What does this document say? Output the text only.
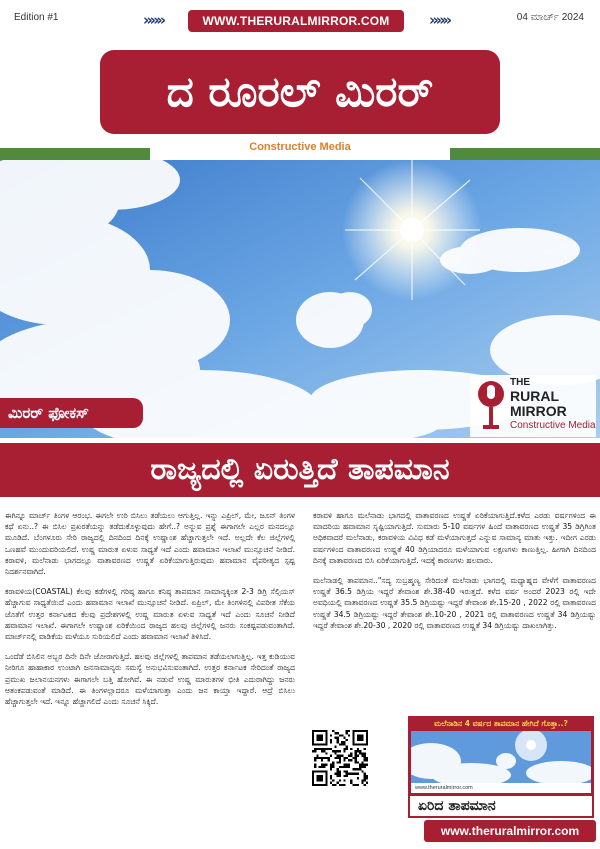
Edition #1	»»»	WWW.THERURALMIRROR.COM	»»»	04 ಮಾರ್ಚ್ 2024
ದ ರೂರಲ್ ಮಿರರ್
Constructive Media
ಮಿರರ್ ಫೋಕಸ್
THE
RURAL
MIRROR
Constructive Media
ರಾಜ್ಯದಲ್ಲಿ ಏರುತ್ತಿದೆ ತಾಪಮಾನ

ಈಗಿನ್ನೂ ಮಾರ್ಚ್ ತಿಂಗಳ ಆರಂಭ. ಈಗಲೇ ಉರಿ ಬಿಸಿಲು ತಡೆಯಲು ಆಗುತ್ತಿಲ್ಲ. ಇನ್ನು ಎಪ್ರಿಲ್, ಮೇ, ಜೂನ್ ತಿಂಗಳ ಕಥೆ ಏನು..? ಈ ಬಿಸಿಲ ಪ್ರಖರತೆಯನ್ನು ತಡೆದುಕೊಳ್ಳುವುದು ಹೇಗೆ..? ಅನ್ನುವ ಪ್ರಶ್ನೆ ಈಗಾಗಲೇ ಎಲ್ಲರ ಮನದಲ್ಲೂ ಮೂಡಿದೆ. ಬೆಂಗಳೂರು ಸೇರಿ ರಾಜ್ಯದಲ್ಲಿ ದಿನದಿಂದ ದಿನಕ್ಕೆ ಉಷ್ಣಾಂಶ ಹೆಚ್ಚಾಗುತ್ತಲೇ ಇದೆ. ಅಲ್ಲದೇ ಕೆಲ ಜಿಲ್ಲೆಗಳಲ್ಲಿ ಒಣಹವೆ ಮುಂದುವರಿಯಲಿದೆ. ಉಷ್ಣ ಮಾರುತ ಏಳುವ ಸಾಧ್ಯತೆ ಇದೆ ಎಂದು ಹವಾಮಾನ ಇಲಾಖೆ ಮುನ್ಸೂಚನೆ ನೀಡಿದೆ. ಕರಾವಳಿ, ಮಲೆನಾಡು ಭಾಗದಲ್ಲೂ ವಾತಾವರಣದ ಉಷ್ಣತೆ ಏರಿಕೆಯಾಗುತ್ತಿರುವುದು ಹವಾಮಾನ ವೈಪರೀತ್ಯದ ಸ್ಪಷ್ಟ ನಿದರ್ಶನವಾಗಿದೆ.

ಕರಾವಳಿಯ(COASTAL) ಕೆಲವು ಕಡೆಗಳಲ್ಲಿ ಗರಿಷ್ಠ ಹಾಗೂ ಕನಿಷ್ಠ ತಾಪಮಾನ ಸಾಮಾನ್ಯಕ್ಕಿಂತ 2-3 ಡಿಗ್ರಿ ಸೆಲ್ಸಿಯಸ್ ಹೆಚ್ಚಾಗುವ ಸಾಧ್ಯತೆಯಿದೆ ಎಂದು ಹವಾಮಾನ ಇಲಾಖೆ ಮುನ್ಸೂಚನೆ ನೀಡಿದೆ. ಏಪ್ರಿಲ್, ಮೇ ತಿಂಗಳಿನಲ್ಲಿ ವಿಪರೀತ ಸೆಕೆಯ ಜೊತೆಗೆ ಉತ್ತರ ಕರ್ನಾಟಕದ ಕೆಲವು ಪ್ರದೇಶಗಳಲ್ಲಿ ಉಷ್ಣ ಮಾರುತ ಏಳುವ ಸಾಧ್ಯತೆ ಇದೆ ಎಂದು ಸೂಚನೆ ನೀಡಿದೆ ಹವಾಮಾನ ಇಲಾಖೆ. ಈಗಾಗಲೇ ಉಷ್ಣಾಂಶ ಏರಿಕೆಯಿಂದ ರಾಜ್ಯದ ಹಲವು ಜಿಲ್ಲೆಗಳಲ್ಲಿ ಜನರು ಸಂಕಷ್ಟಪಡುವಂತಾಗಿದೆ. ಮಾರ್ಚ್‌ನಲ್ಲಿ ವಾಡಿಕೆಯ ಮಳೆಯೂ ಸುರಿಯಲಿದೆ ಎಂದು ಹವಾಮಾನ ಇಲಾಖೆ ತಿಳಿಸಿದೆ.

ಒಂದೆಡೆ ಬಿಸಿಲಿನ ಅಬ್ಬರ ದಿನೇ ದಿನೇ ಜೋರಾಗುತ್ತಿದೆ. ಹಲವು ಜಿಲ್ಲೆಗಳಲ್ಲಿ ತಾಪಮಾನ ತಡೆಯಲಾಗುತ್ತಿಲ್ಲ. ಇತ್ತ ಕುಡಿಯುವ ನೀರಿಗೂ ಹಾಹಾಕಾರ ಉಂಟಾಗಿ ಜನಸಾಮಾನ್ಯರು ಸಮಸ್ಯೆ ಅನುಭವಿಸುವಂತಾಗಿದೆ. ಉತ್ತರ ಕರ್ನಾಟಕ ಸೇರಿದಂತೆ ರಾಜ್ಯದ ಪ್ರಮುಖ ಜಲಾನಯನಗಳು ಈಗಾಗಲೇ ಬತ್ತಿ ಹೋಗಿವೆ. ಈ ನಡುವೆ ಉಷ್ಣ ಮಾರುತಗಳ ಭೀತಿ ಎದುರಾಗಿದ್ದು ಜನರು ಆತಂಕಪಡುವಂತೆ ಮಾಡಿದೆ. ಈ ತಿಂಗಳಲ್ಲಾದರೂ ಮಳೆಯಾಗುತ್ತಾ ಎಂದು ಜನ ಕಾಯ್ತಾ ಇದ್ದಾರೆ. ಆದ್ರೆ ಬಿಸಿಲು ಹೆಚ್ಚಾಗುತ್ತಲೇ ಇದೆ. ಇನ್ನೂ ಹೆಚ್ಚಾಗಲಿದೆ ಎಂದು ಸೂಚನೆ ಸಿಕ್ಕಿದೆ.

ಕರಾವಳಿ ಹಾಗೂ ಮಲೆನಾಡು ಭಾಗದಲ್ಲಿ ವಾತಾವರಣದ ಉಷ್ಣತೆ ಏರಿಕೆಯಾಗುತ್ತಿದೆ.ಕಳೆದ ಎರಡು ವರ್ಷಗಳಿಂದ ಈ ಮಾದರಿಯ ಹವಾಮಾನ ಸೃಷ್ಟಿಯಾಗುತ್ತಿದೆ. ಸುಮಾರು 5-10 ವರ್ಷಗಳ ಹಿಂದೆ ವಾತಾವರಣದ ಉಷ್ಣತೆ 35 ಡಿಗ್ರಿಗಿಂತ ಅಧಿಕವಾದರೆ ಮಲೆನಾಡು, ಕರಾವಳಿಯ ವಿವಿಧ ಕಡೆ ಮಳೆಯಾಗುತ್ತದೆ ಎನ್ನುವ ಸಾಮಾನ್ಯ ಮಾತು ಇತ್ತು. ಇದೀಗ ಎರಡು ವರ್ಷಗಳಿಂದ ವಾತಾವರಣದ ಉಷ್ಣತೆ 40 ಡಿಗ್ರಿಯಾದರೂ ಮಳೆಯಾಗುವ ಲಕ್ಷಣಗಳು ಕಾಣುತ್ತಿಲ್ಲ. ಹೀಗಾಗಿ ದಿನದಿಂದ ದಿನಕ್ಕೆ ವಾತಾವರಣದ ಬಿಸಿ ಏರಿಕೆಯಾಗುತ್ತಿದೆ. ಇದಕ್ಕೆ ಕಾರಣಗಳು ಹಲವಾರು.

ಮಲೆನಾಡಲ್ಲಿ ತಾಪಮಾನ.."ಸದ್ಯ ಸುಬ್ರಹ್ಮಣ್ಯ ಸೇರಿದಂತೆ ಮಲೆನಾಡು ಭಾಗದಲ್ಲಿ ಮಧ್ಯಾಹ್ನದ ವೇಳೆಗೆ ವಾತಾವರಣದ ಉಷ್ಣತೆ 36.5 ಡಿಗ್ರಿಯ ಇದ್ದರೆ ತೇವಾಂಶ ಶೇ.38-40 ಇರುತ್ತದೆ. ಕಳೆದ ವರ್ಷ ಅಂದರೆ 2023 ರಲ್ಲಿ ಇದೇ ಅವಧಿಯಲ್ಲಿ ವಾತಾವರಣದ ಉಷ್ಣತೆ 35.5 ಡಿಗ್ರಿಯಷ್ಟು ಇದ್ದರೆ ತೇವಾಂಶ ಶೇ.15-20 , 2022 ರಲ್ಲಿ ವಾತಾವರಣದ ಉಷ್ಣತೆ 34.5 ಡಿಗ್ರಿಯಷ್ಟು ಇದ್ದರೆ ತೇವಾಂಶ ಶೇ.10-20 , 2021 ರಲ್ಲಿ ವಾತಾವರಣದ ಉಷ್ಣತೆ 34 ಡಿಗ್ರಿಯಷ್ಟು ಇದ್ದರೆ ತೇವಾಂಶ ಶೇ.20-30 , 2020 ರಲ್ಲಿ ವಾತಾವರಣದ ಉಷ್ಣತೆ 34 ಡಿಗ್ರಿಯಷ್ಟು ದಾಖಲಾಗಿತ್ತು.

ಮಲೆನಾಡಿನ 4 ವರ್ಷದ ತಾಪಮಾನ ಹೇಗಿದೆ ಗೊತ್ತಾ..?
www.theruralmirror.com
ಏರಿದ ತಾಪಮಾನ
www.theruralmirror.com
